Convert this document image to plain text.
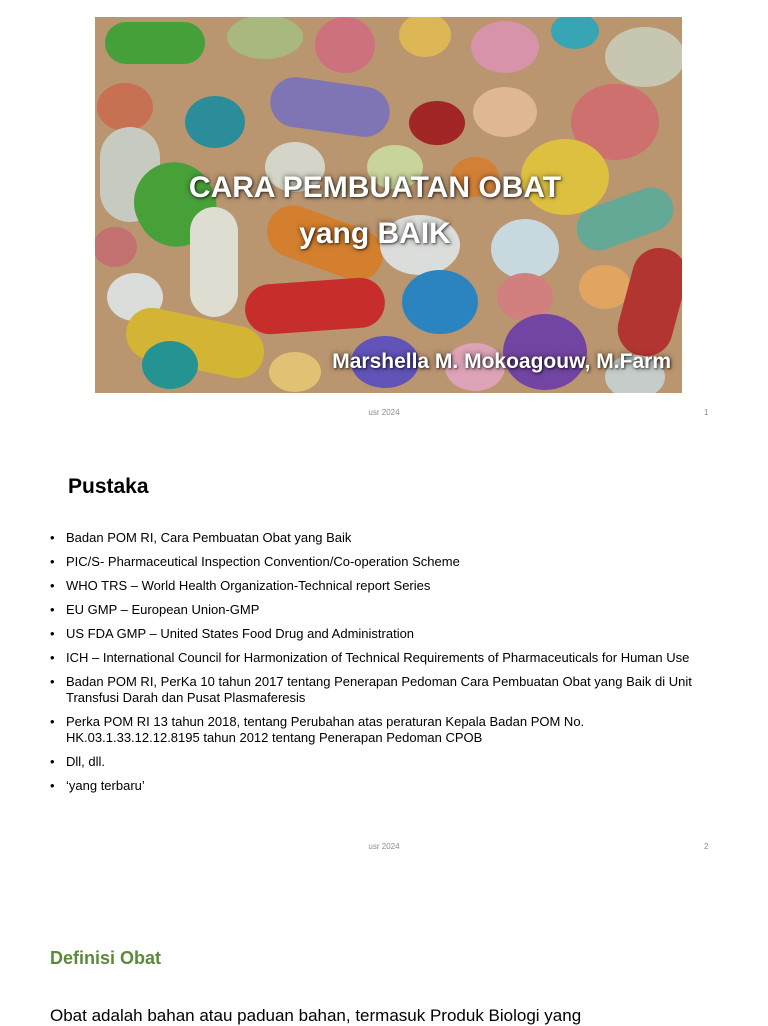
CARA PEMBUATAN OBAT
yang BAIK
Marshella M. Mokoagouw, M.Farm
usr 2024	1
Pustaka
• Badan POM RI, Cara Pembuatan Obat yang Baik
• PIC/S- Pharmaceutical Inspection Convention/Co-operation Scheme
• WHO TRS – World Health Organization-Technical report Series
• EU GMP – European Union-GMP
• US FDA GMP – United States Food Drug and Administration
• ICH – International Council for Harmonization of Technical Requirements of Pharmaceuticals for Human Use
• Badan POM RI, PerKa 10 tahun 2017 tentang Penerapan Pedoman Cara Pembuatan Obat yang Baik di Unit Transfusi Darah dan Pusat Plasmaferesis
• Perka POM RI 13 tahun 2018, tentang Perubahan atas peraturan Kepala Badan POM No. HK.03.1.33.12.12.8195 tahun 2012 tentang Penerapan Pedoman CPOB
• Dll, dll.
• ‘yang terbaru’
usr 2024	2
Definisi Obat
Obat adalah bahan atau paduan bahan, termasuk Produk Biologi yang
